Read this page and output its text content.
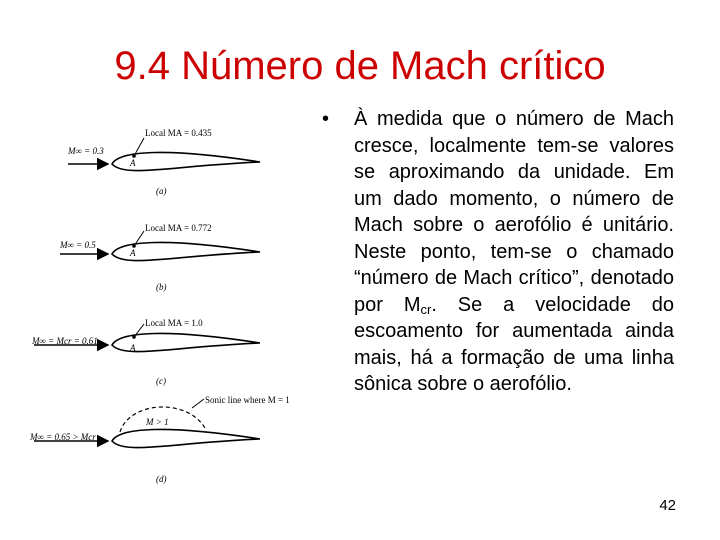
9.4 Número de Mach crítico
M∞ = 0.3
Local MA = 0.435
A
(a)
M∞ = 0.5
Local MA = 0.772
A
(b)
M∞ = Mcr = 0.61
Local MA = 1.0
A
(c)
M∞ = 0.65 > Mcr
Sonic line where M = 1
M > 1
(d)
• À medida que o número de Mach cresce, localmente tem-se valores se aproximando da unidade. Em um dado momento, o número de Mach sobre o aerofólio é unitário. Neste ponto, tem-se o chamado “número de Mach crítico”, denotado por $M_{cr}$. Se a velocidade do escoamento for aumentada ainda mais, há a formação de uma linha sônica sobre o aerofólio.
42
